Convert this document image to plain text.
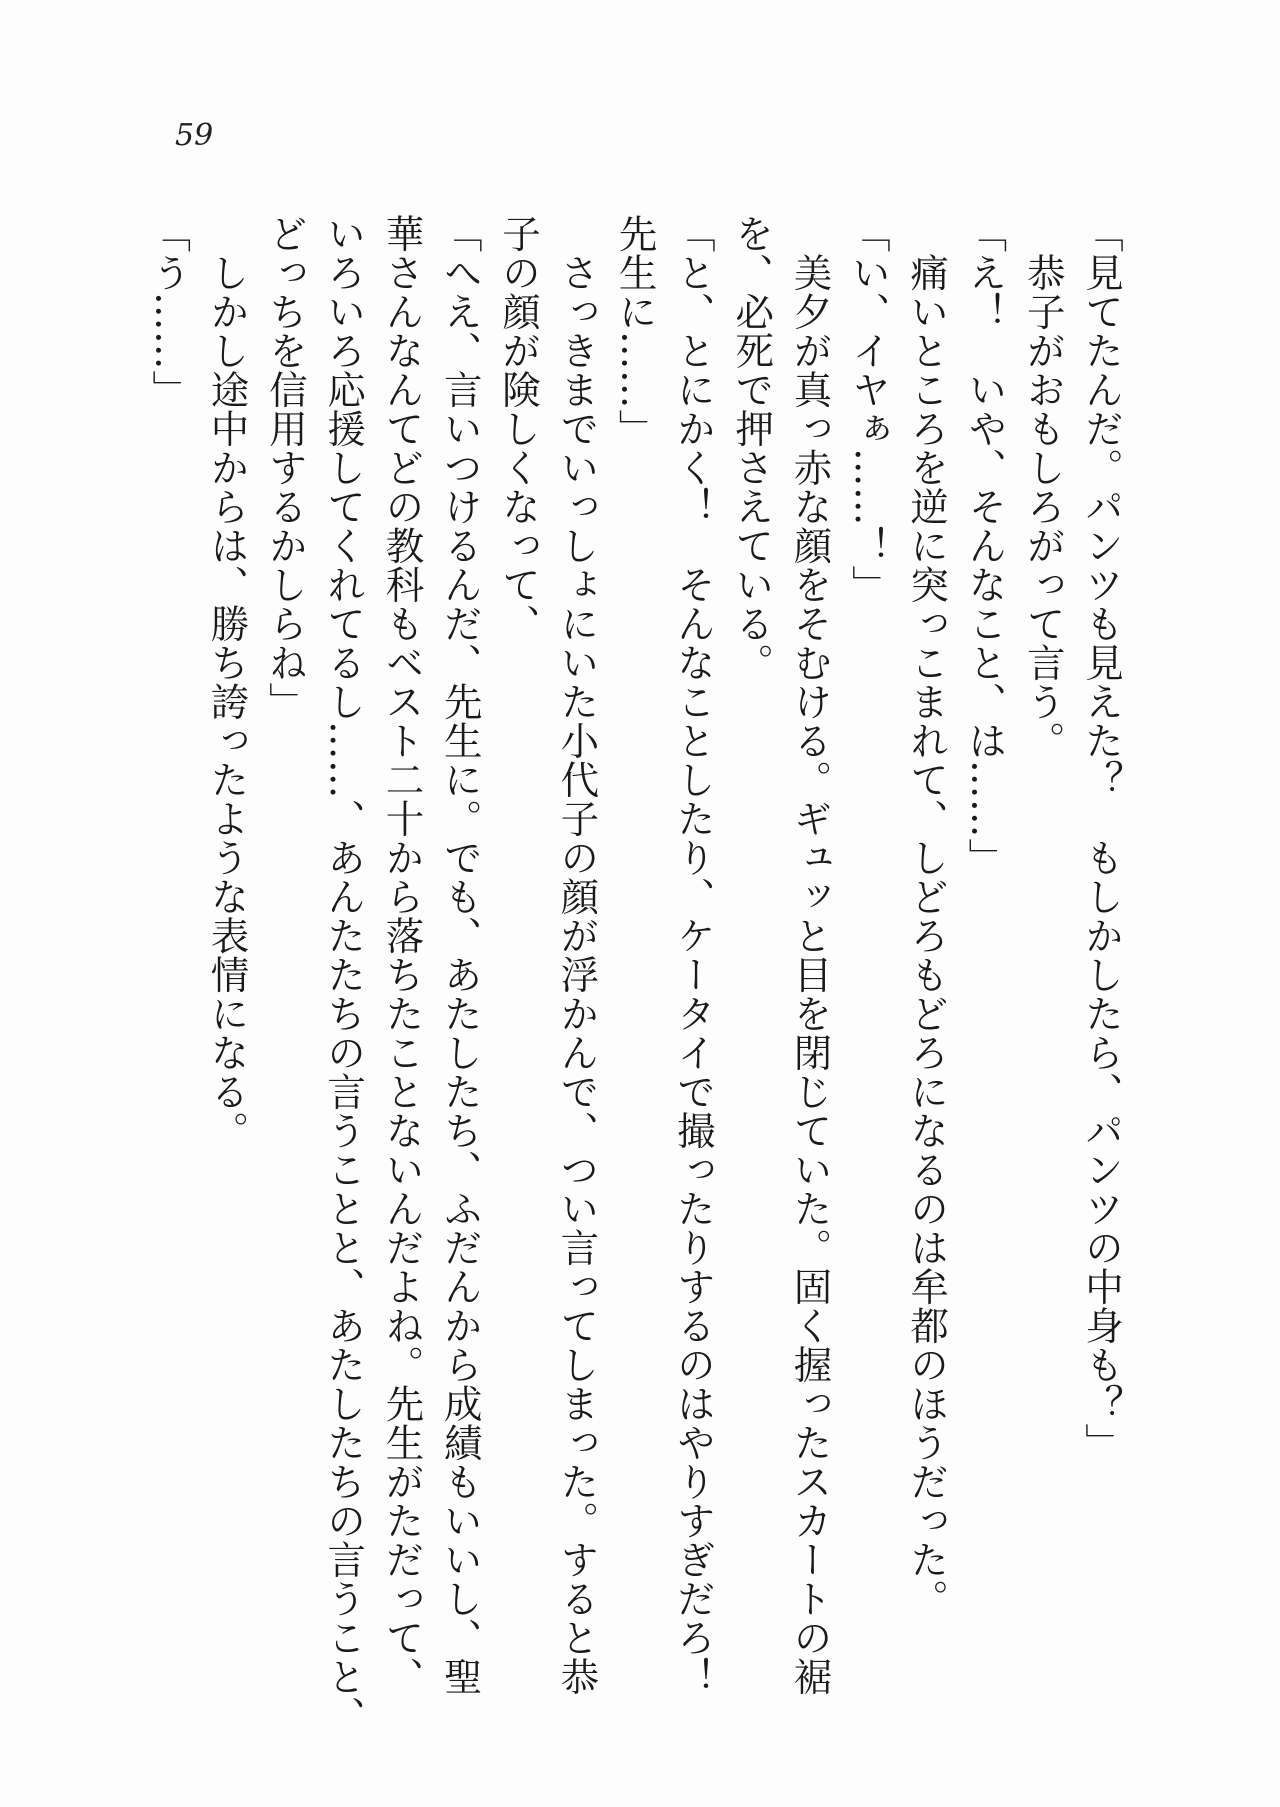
59
「見てたんだ。パンツも見えた？　もしかしたら、パンツの中身も？」
　恭子がおもしろがって言う。
「え！　いや、そんなこと、は……」
　痛いところを逆に突っこまれて、しどろもどろになるのは牟都のほうだった。
「い、イヤぁ……！」
　美夕が真っ赤な顔をそむける。ギュッと目を閉じていた。固く握ったスカートの裾
を、必死で押さえている。
「と、とにかく！　そんなことしたり、ケータイで撮ったりするのはやりすぎだろ！
先生に……」
　さっきまでいっしょにいた小代子の顔が浮かんで、つい言ってしまった。すると恭
子の顔が険しくなって、
「へえ、言いつけるんだ、先生に。でも、あたしたち、ふだんから成績もいいし、聖
華さんなんてどの教科もベスト二十から落ちたことないんだよね。先生がただって、
いろいろ応援してくれてるし……、あんたたちの言うことと、あたしたちの言うこと、
どっちを信用するかしらね」
　しかし途中からは、勝ち誇ったような表情になる。
「う……」
